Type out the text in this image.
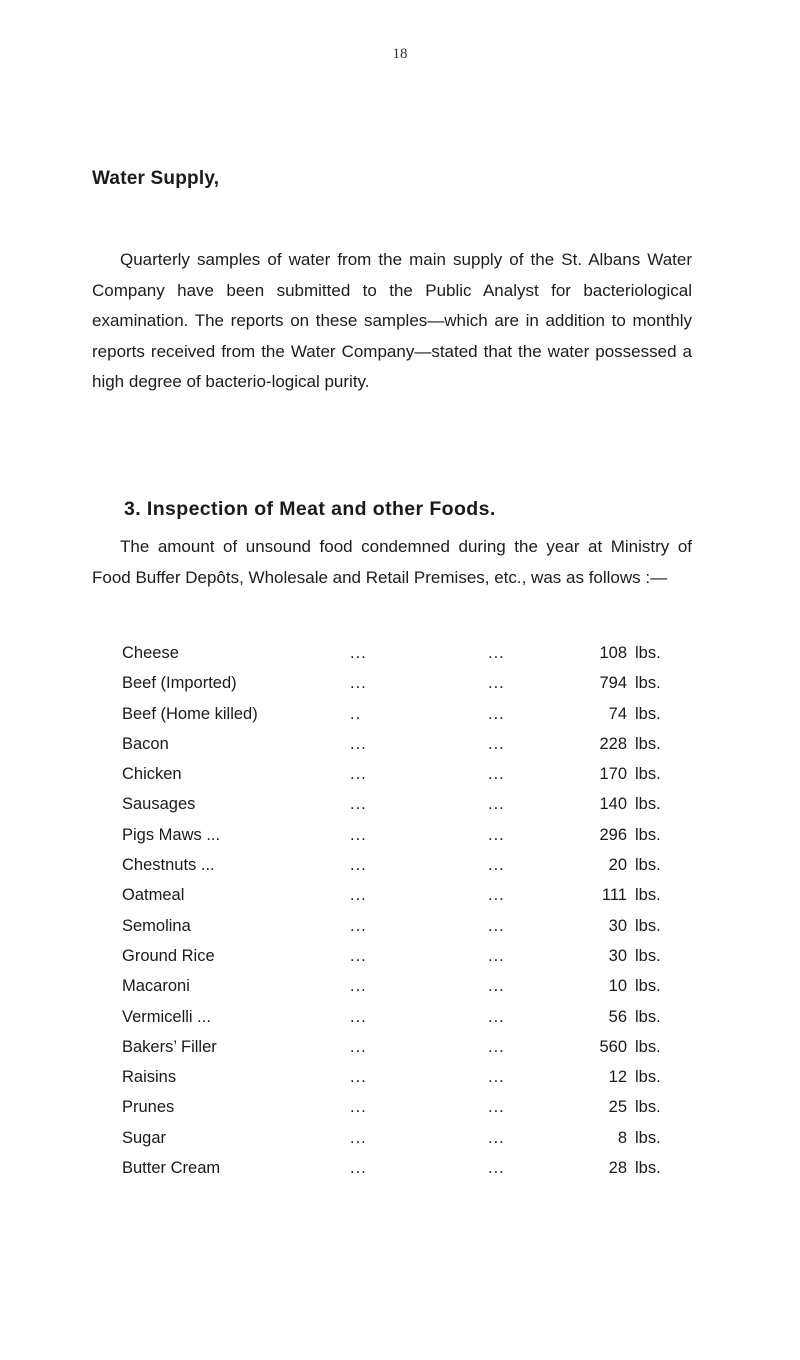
18
Water Supply,

Quarterly samples of water from the main supply of the St. Albans Water Company have been submitted to the Public Analyst for bacteriological examination. The reports on these samples—which are in addition to monthly reports received from the Water Company—stated that the water possessed a high degree of bacterio-logical purity.

3. Inspection of Meat and other Foods.

The amount of unsound food condemned during the year at Ministry of Food Buffer Depôts, Wholesale and Retail Premises, etc., was as follows :—

Cheese	...	...	108 lbs.
Beef (Imported)	...	...	794 lbs.
Beef (Home killed)	..	...	74 lbs.
Bacon	...	...	228 lbs.
Chicken	...	...	170 lbs.
Sausages	...	...	140 lbs.
Pigs Maws ...	...	...	296 lbs.
Chestnuts ...	...	...	20 lbs.
Oatmeal	...	...	111 lbs.
Semolina	...	...	30 lbs.
Ground Rice	...	...	30 lbs.
Macaroni	...	...	10 lbs.
Vermicelli ...	...	...	56 lbs.
Bakers’ Filler	...	...	560 lbs.
Raisins	...	...	12 lbs.
Prunes	...	...	25 lbs.
Sugar	...	...	8 lbs.
Butter Cream	...	...	28 lbs.
